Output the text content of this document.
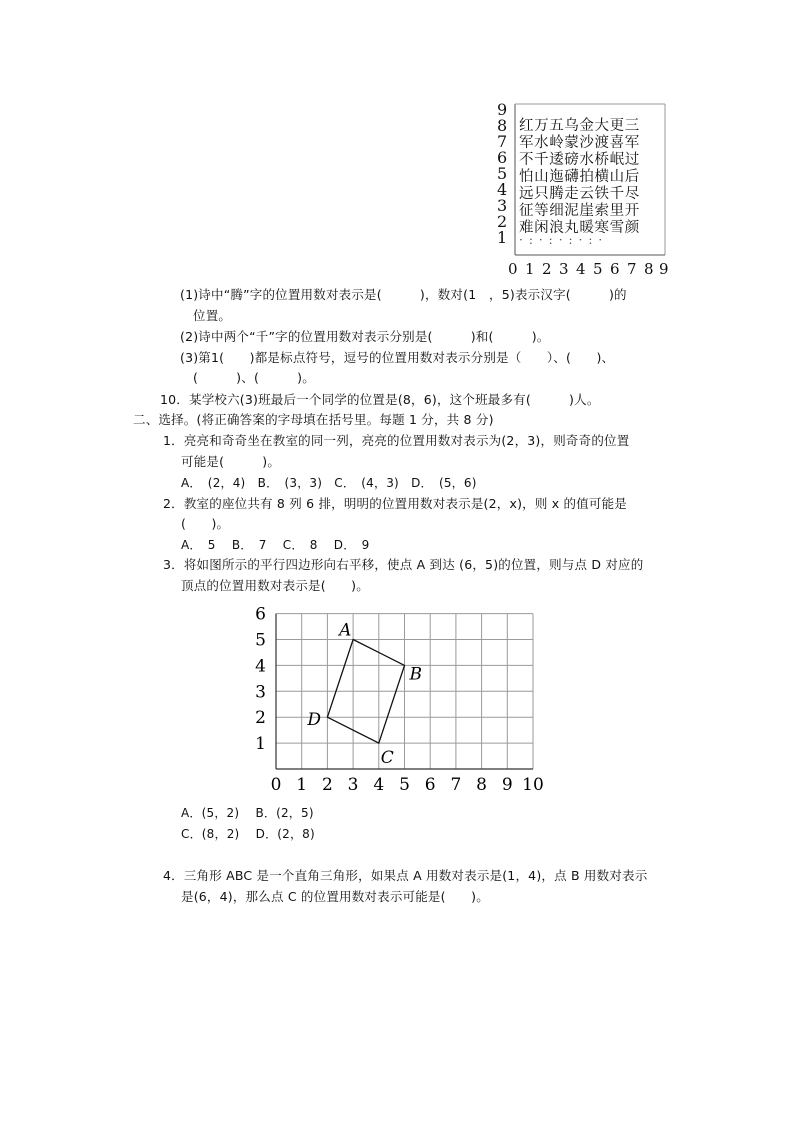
9
8
7
6
5
4
3
2
1
红万五乌金大更三
军水岭蒙沙渡喜军
不千逶磅水桥岷过
怕山迤礴拍横山后
远只腾走云铁千尽
征等细泥崖索里开
难闲浪丸暖寒雪颜
·:·:·:·:·
0 1 2 3 4 5 6 7 8 9
(1)诗中“腾”字的位置用数对表示是(　　　)，数对(1　，5)表示汉字(　　　)的
位置。
(2)诗中两个“千”字的位置用数对表示分别是(　　　)和(　　　)。
(3)第1(　　)都是标点符号，逗号的位置用数对表示分别是（　　）、(　　)、
(　　　)、(　　　)。
10．某学校六(3)班最后一个同学的位置是(8，6)，这个班最多有(　　　)人。
二、选择。(将正确答案的字母填在括号里。每题 1 分，共 8 分)
1．亮亮和奇奇坐在教室的同一列，亮亮的位置用数对表示为(2，3)，则奇奇的位置
可能是(　　　)。
A．　(2，4)　B．　(3，3)　C．　(4，3)　D．　(5，6)
2．教室的座位共有 8 列 6 排，明明的位置用数对表示是(2，x)，则 x 的值可能是
(　　)。
A．　5　 B．　7　 C．　8　 D．　9
3．将如图所示的平行四边形向右平移，使点 A 到达 (6，5)的位置，则与点 D 对应的
顶点的位置用数对表示是(　　)。
0 1 2 3 4 5 6 7 8 9 10
1
2
3
4
5
6
A
B
C
D
A．(5，2)　 B．(2，5)
C．(8，2)　 D．(2，8)
4．三角形 ABC 是一个直角三角形，如果点 A 用数对表示是(1，4)，点 B 用数对表示
是(6，4)，那么点 C 的位置用数对表示可能是(　　)。
